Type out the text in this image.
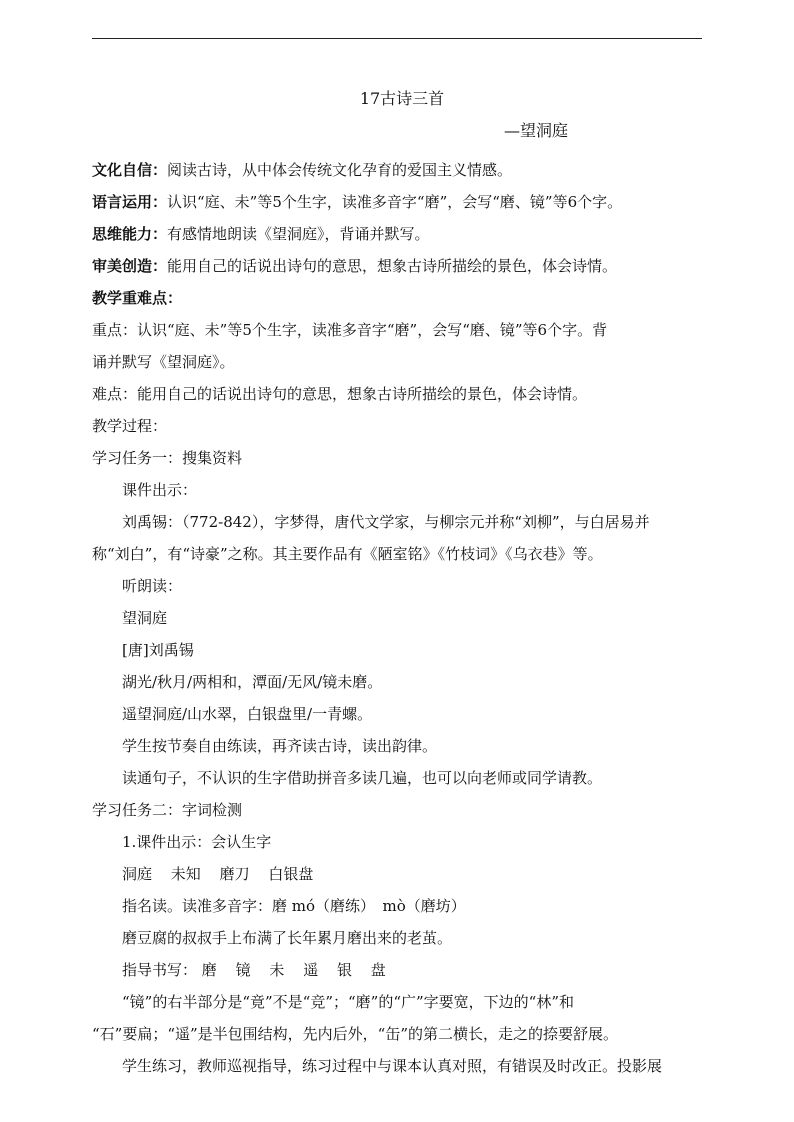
17古诗三首

—望洞庭

文化自信：阅读古诗，从中体会传统文化孕育的爱国主义情感。

语言运用：认识“庭、未”等5个生字，读准多音字“磨”，会写“磨、镜”等6个字。

思维能力：有感情地朗读《望洞庭》，背诵并默写。

审美创造：能用自己的话说出诗句的意思，想象古诗所描绘的景色，体会诗情。

教学重难点：

重点：认识“庭、未”等5个生字，读准多音字“磨”，会写“磨、镜”等6个字。背

诵并默写《望洞庭》。

难点：能用自己的话说出诗句的意思，想象古诗所描绘的景色，体会诗情。

教学过程：

学习任务一：搜集资料

课件出示：

刘禹锡：（772-842），字梦得，唐代文学家，与柳宗元并称“刘柳”，与白居易并

称“刘白”，有“诗豪”之称。其主要作品有《陋室铭》《竹枝词》《乌衣巷》等。

听朗读：

望洞庭

[唐]刘禹锡

湖光/秋月/两相和，潭面/无风/镜未磨。

遥望洞庭/山水翠，白银盘里/一青螺。

学生按节奏自由练读，再齐读古诗，读出韵律。

读通句子，不认识的生字借助拼音多读几遍，也可以向老师或同学请教。

学习任务二：字词检测

1.课件出示：会认生字

洞庭 未知 磨刀 白银盘

指名读。读准多音字：磨 mó（磨练）　mò（磨坊）

磨豆腐的叔叔手上布满了长年累月磨出来的老茧。

指导书写： 磨 镜 未 遥 银 盘

“镜”的右半部分是“竟”不是“竞”；“磨”的“广”字要宽，下边的“林”和

“石”要扁；“遥”是半包围结构，先内后外，“缶”的第二横长，走之的捺要舒展。

学生练习，教师巡视指导，练习过程中与课本认真对照，有错误及时改正。投影展
